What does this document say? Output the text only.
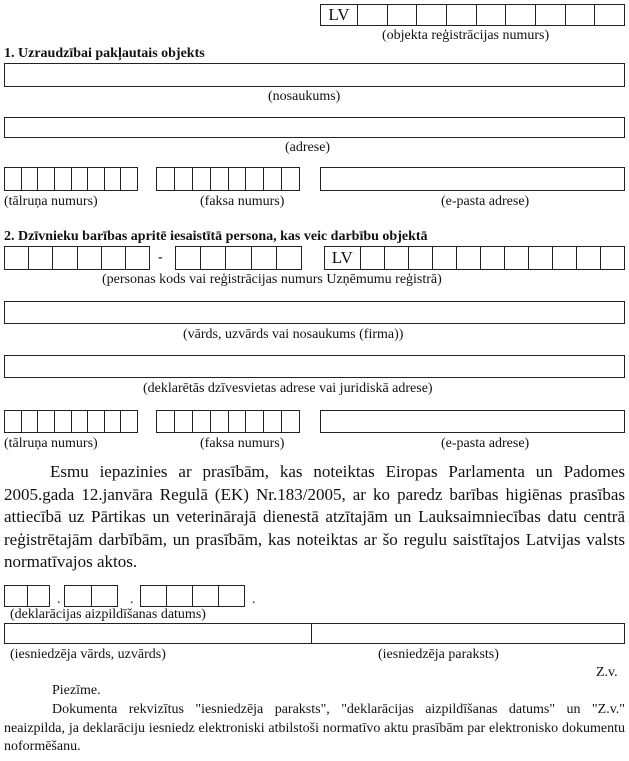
LV
(objekta reģistrācijas numurs)
1. Uzraudzībai pakļautais objekts
(nosaukums)
(adrese)
(tālruņa numurs)	(faksa numurs)	(e-pasta adrese)
2. Dzīvnieku barības apritē iesaistītā persona, kas veic darbību objektā
-	LV
(personas kods vai reģistrācijas numurs Uzņēmumu reģistrā)
(vārds, uzvārds vai nosaukums (firma))
(deklarētās dzīvesvietas adrese vai juridiskā adrese)
(tālruņa numurs)	(faksa numurs)	(e-pasta adrese)
Esmu iepazinies ar prasībām, kas noteiktas Eiropas Parlamenta un Padomes 2005.gada 12.janvāra Regulā (EK) Nr.183/2005, ar ko paredz barības higiēnas prasības attiecībā uz Pārtikas un veterinārajā dienestā atzītajām un Lauksaimniecības datu centrā reģistrētajām darbībām, un prasībām, kas noteiktas ar šo regulu saistītajos Latvijas valsts normatīvajos aktos.
.	.	.
(deklarācijas aizpildīšanas datums)
(iesniedzēja vārds, uzvārds)	(iesniedzēja paraksts)
Z.v.
Piezīme.
Dokumenta rekvizītus "iesniedzēja paraksts", "deklarācijas aizpildīšanas datums" un "Z.v." neaizpilda, ja deklarāciju iesniedz elektroniski atbilstoši normatīvo aktu prasībām par elektronisko dokumentu noformēšanu.
